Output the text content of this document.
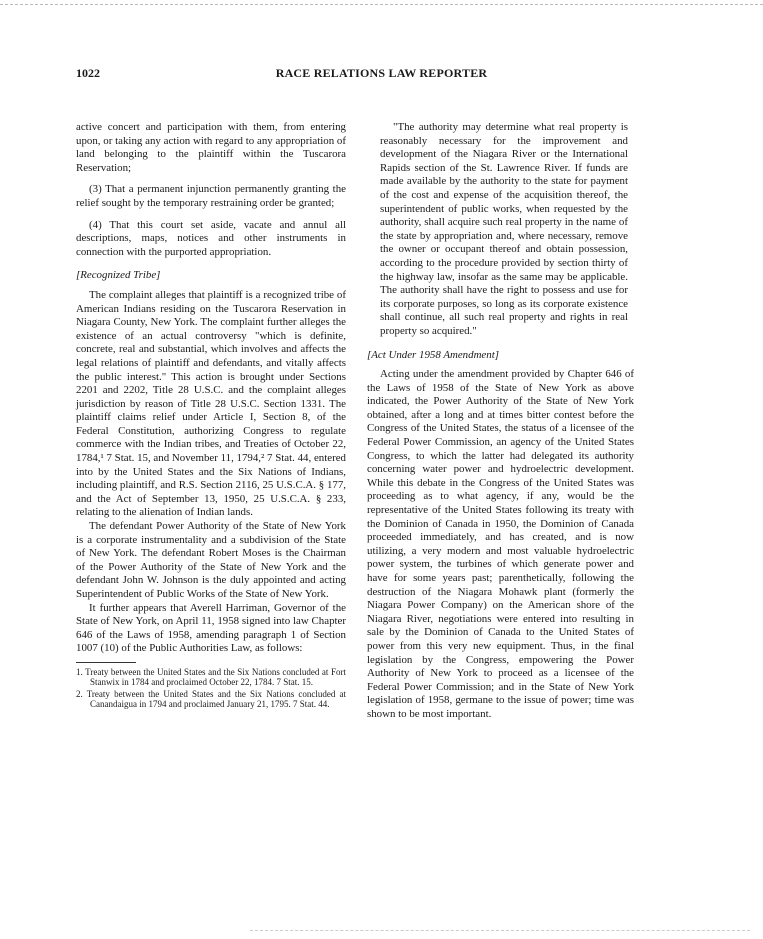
1022	RACE RELATIONS LAW REPORTER

active concert and participation with them, from entering upon, or taking any action with regard to any appropriation of land belonging to the plaintiff within the Tuscarora Reservation;

(3) That a permanent injunction permanently granting the relief sought by the temporary restraining order be granted;

(4) That this court set aside, vacate and annul all descriptions, maps, notices and other instruments in connection with the purported appropriation.

[Recognized Tribe]

The complaint alleges that plaintiff is a recognized tribe of American Indians residing on the Tuscarora Reservation in Niagara County, New York. The complaint further alleges the existence of an actual controversy "which is definite, concrete, real and substantial, which involves and affects the legal relations of plaintiff and defendants, and vitally affects the public interest." This action is brought under Sections 2201 and 2202, Title 28 U.S.C. and the complaint alleges jurisdiction by reason of Title 28 U.S.C. Section 1331. The plaintiff claims relief under Article I, Section 8, of the Federal Constitution, authorizing Congress to regulate commerce with the Indian tribes, and Treaties of October 22, 1784,¹ 7 Stat. 15, and November 11, 1794,² 7 Stat. 44, entered into by the United States and the Six Nations of Indians, including plaintiff, and R.S. Section 2116, 25 U.S.C.A. § 177, and the Act of September 13, 1950, 25 U.S.C.A. § 233, relating to the alienation of Indian lands.

The defendant Power Authority of the State of New York is a corporate instrumentality and a subdivision of the State of New York. The defendant Robert Moses is the Chairman of the Power Authority of the State of New York and the defendant John W. Johnson is the duly appointed and acting Superintendent of Public Works of the State of New York.

It further appears that Averell Harriman, Governor of the State of New York, on April 11, 1958 signed into law Chapter 646 of the Laws of 1958, amending paragraph 1 of Section 1007 (10) of the Public Authorities Law, as follows:

1. Treaty between the United States and the Six Nations concluded at Fort Stanwix in 1784 and proclaimed October 22, 1784. 7 Stat. 15.

2. Treaty between the United States and the Six Nations concluded at Canandaigua in 1794 and proclaimed January 21, 1795. 7 Stat. 44.

"The authority may determine what real property is reasonably necessary for the improvement and development of the Niagara River or the International Rapids section of the St. Lawrence River. If funds are made available by the authority to the state for payment of the cost and expense of the acquisition thereof, the superintendent of public works, when requested by the authority, shall acquire such real property in the name of the state by appropriation and, where necessary, remove the owner or occupant thereof and obtain possession, according to the procedure provided by section thirty of the highway law, insofar as the same may be applicable. The authority shall have the right to possess and use for its corporate purposes, so long as its corporate existence shall continue, all such real property and rights in real property so acquired."

[Act Under 1958 Amendment]

Acting under the amendment provided by Chapter 646 of the Laws of 1958 of the State of New York as above indicated, the Power Authority of the State of New York obtained, after a long and at times bitter contest before the Congress of the United States, the status of a licensee of the Federal Power Commission, an agency of the United States Congress, to which the latter had delegated its authority concerning water power and hydroelectric development. While this debate in the Congress of the United States was proceeding as to what agency, if any, would be the representative of the United States following its treaty with the Dominion of Canada in 1950, the Dominion of Canada proceeded immediately, and has created, and is now utilizing, a very modern and most valuable hydroelectric power system, the turbines of which generate power and have for some years past; parenthetically, following the destruction of the Niagara Mohawk plant (formerly the Niagara Power Company) on the American shore of the Niagara River, negotiations were entered into resulting in sale by the Dominion of Canada to the United States of power from this very new equipment. Thus, in the final legislation by the Congress, empowering the Power Authority of New York to proceed as a licensee of the Federal Power Commission; and in the State of New York legislation of 1958, germane to the issue of power; time was shown to be most important.
